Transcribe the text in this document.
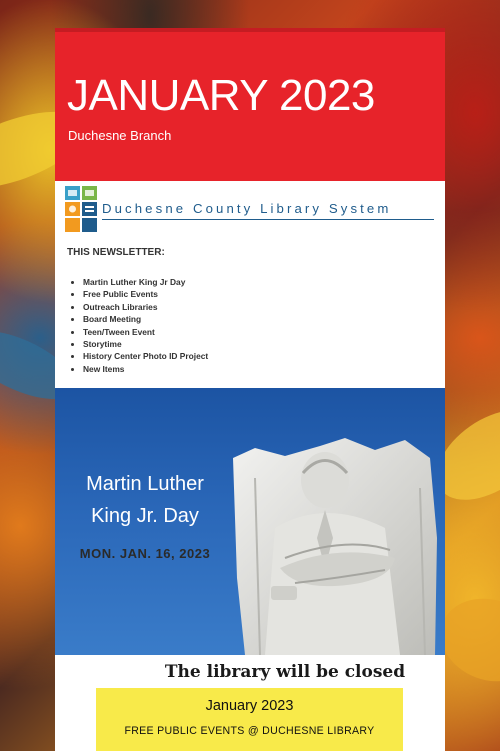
JANUARY 2023

Duchesne Branch

Duchesne County Library System

THIS NEWSLETTER:

• Martin Luther King Jr Day
• Free Public Events
• Outreach Libraries
• Board Meeting
• Teen/Tween Event
• Storytime
• History Center Photo ID Project
• New Items
Martin Luther King Jr. Day
MON. JAN. 16, 2023

The library will be closed

January 2023
FREE PUBLIC EVENTS @ DUCHESNE LIBRARY
